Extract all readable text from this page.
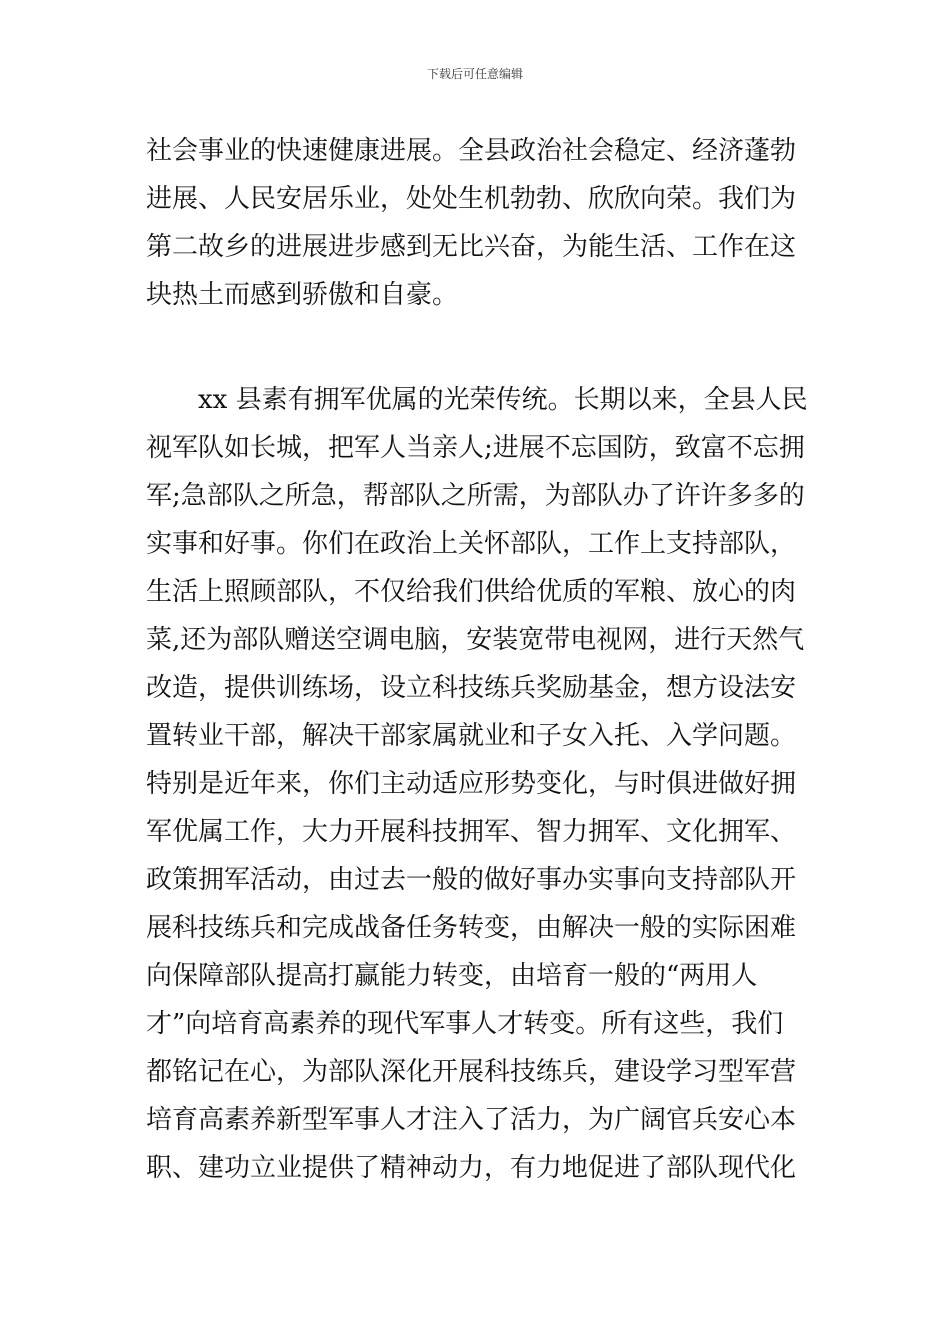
下载后可任意编辑
社会事业的快速健康进展。全县政治社会稳定、经济蓬勃
进展、人民安居乐业，处处生机勃勃、欣欣向荣。我们为
第二故乡的进展进步感到无比兴奋，为能生活、工作在这
块热土而感到骄傲和自豪。
xx 县素有拥军优属的光荣传统。长期以来，全县人民
视军队如长城，把军人当亲人;进展不忘国防，致富不忘拥
军;急部队之所急，帮部队之所需，为部队办了许许多多的
实事和好事。你们在政治上关怀部队，工作上支持部队，
生活上照顾部队，不仅给我们供给优质的军粮、放心的肉
菜,还为部队赠送空调电脑，安装宽带电视网，进行天然气
改造，提供训练场，设立科技练兵奖励基金，想方设法安
置转业干部，解决干部家属就业和子女入托、入学问题。
特别是近年来，你们主动适应形势变化，与时俱进做好拥
军优属工作，大力开展科技拥军、智力拥军、文化拥军、
政策拥军活动，由过去一般的做好事办实事向支持部队开
展科技练兵和完成战备任务转变，由解决一般的实际困难
向保障部队提高打赢能力转变，由培育一般的“两用人
才”向培育高素养的现代军事人才转变。所有这些，我们
都铭记在心，为部队深化开展科技练兵，建设学习型军营
培育高素养新型军事人才注入了活力，为广阔官兵安心本
职、建功立业提供了精神动力，有力地促进了部队现代化
